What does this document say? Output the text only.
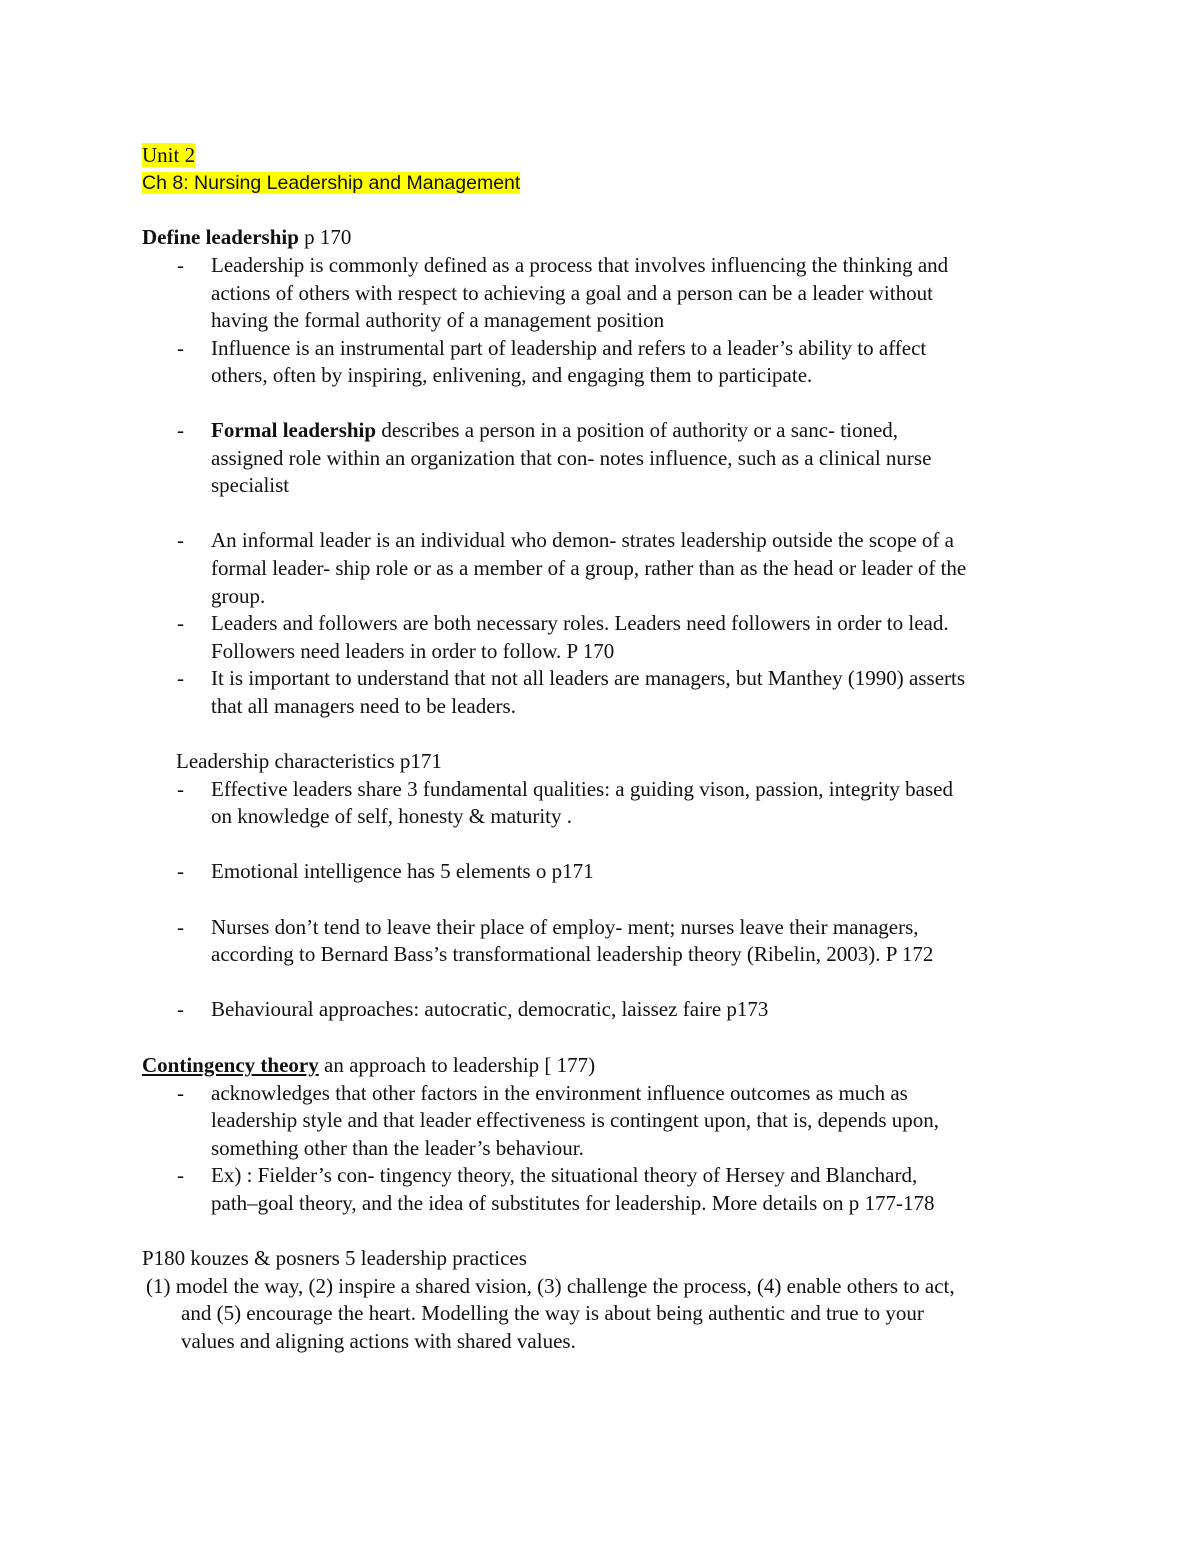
Unit 2
Ch 8: Nursing Leadership and Management
Define leadership p 170
- Leadership is commonly defined as a process that involves influencing the thinking and
actions of others with respect to achieving a goal and a person can be a leader without
having the formal authority of a management position
- Influence is an instrumental part of leadership and refers to a leader’s ability to affect
others, often by inspiring, enlivening, and engaging them to participate.
- Formal leadership describes a person in a position of authority or a sanc- tioned,
assigned role within an organization that con- notes influence, such as a clinical nurse
specialist
- An informal leader is an individual who demon- strates leadership outside the scope of a
formal leader- ship role or as a member of a group, rather than as the head or leader of the
group.
- Leaders and followers are both necessary roles. Leaders need followers in order to lead.
Followers need leaders in order to follow. P 170
- It is important to understand that not all leaders are managers, but Manthey (1990) asserts
that all managers need to be leaders.
Leadership characteristics p171
- Effective leaders share 3 fundamental qualities: a guiding vison, passion, integrity based
on knowledge of self, honesty & maturity .
- Emotional intelligence has 5 elements o p171
- Nurses don’t tend to leave their place of employ- ment; nurses leave their managers,
according to Bernard Bass’s transformational leadership theory (Ribelin, 2003). P 172
- Behavioural approaches: autocratic, democratic, laissez faire p173
Contingency theory an approach to leadership [ 177)
- acknowledges that other factors in the environment influence outcomes as much as
leadership style and that leader effectiveness is contingent upon, that is, depends upon,
something other than the leader’s behaviour.
- Ex) : Fielder’s con- tingency theory, the situational theory of Hersey and Blanchard,
path–goal theory, and the idea of substitutes for leadership. More details on p 177-178
P180 kouzes & posners 5 leadership practices
(1) model the way, (2) inspire a shared vision, (3) challenge the process, (4) enable others to act,
and (5) encourage the heart. Modelling the way is about being authentic and true to your
values and aligning actions with shared values.
